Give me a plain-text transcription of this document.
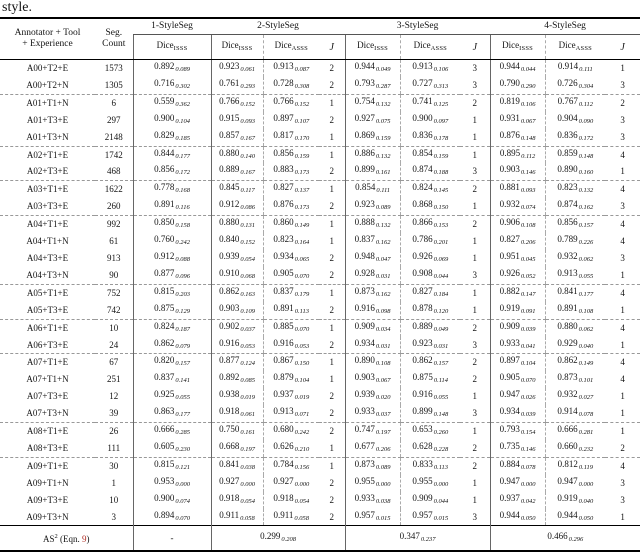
style.
Annotator + Tool
+ Experience

Seg.
Count
	1-StyleSeg	2-StyleSeg	3-StyleSeg	4-StyleSeg
		Dice$_{ISSS}$	Dice$_{ISSS}$	Dice$_{ASSS}$	J	Dice$_{ISSS}$	Dice$_{ASSS}$	J	Dice$_{ISSS}$	Dice$_{ASSS}$	J
A00+T2+E	1573	$0.892_{0.089}$	$0.923_{0.061}$	$0.913_{0.087}$	2	$0.944_{0.049}$	$0.913_{0.106}$	3	$0.944_{0.044}$	$0.914_{0.111}$	1
A00+T2+N	1305	$0.716_{0.302}$	$0.761_{0.293}$	$0.728_{0.308}$	2	$0.793_{0.287}$	$0.727_{0.313}$	3	$0.790_{0.290}$	$0.726_{0.304}$	3
A01+T1+N	6	$0.559_{0.362}$	$0.766_{0.152}$	$0.766_{0.152}$	1	$0.754_{0.132}$	$0.741_{0.125}$	2	$0.819_{0.106}$	$0.767_{0.112}$	2
A01+T3+E	297	$0.900_{0.104}$	$0.915_{0.093}$	$0.897_{0.107}$	2	$0.927_{0.075}$	$0.900_{0.097}$	1	$0.931_{0.067}$	$0.904_{0.090}$	3
A01+T3+N	2148	$0.829_{0.185}$	$0.857_{0.167}$	$0.817_{0.170}$	1	$0.869_{0.159}$	$0.836_{0.178}$	1	$0.876_{0.148}$	$0.836_{0.172}$	3
A02+T1+E	1742	$0.844_{0.177}$	$0.880_{0.140}$	$0.856_{0.159}$	1	$0.886_{0.132}$	$0.854_{0.159}$	1	$0.895_{0.112}$	$0.859_{0.148}$	4
A02+T3+E	468	$0.856_{0.172}$	$0.889_{0.167}$	$0.883_{0.173}$	2	$0.899_{0.161}$	$0.874_{0.188}$	3	$0.903_{0.146}$	$0.890_{0.160}$	1
A03+T1+E	1622	$0.778_{0.168}$	$0.845_{0.117}$	$0.827_{0.137}$	1	$0.854_{0.111}$	$0.824_{0.145}$	2	$0.881_{0.093}$	$0.823_{0.132}$	4
A03+T3+E	260	$0.891_{0.116}$	$0.912_{0.086}$	$0.876_{0.173}$	2	$0.923_{0.089}$	$0.868_{0.150}$	1	$0.932_{0.074}$	$0.874_{0.162}$	3
A04+T1+E	992	$0.850_{0.158}$	$0.880_{0.131}$	$0.860_{0.149}$	1	$0.888_{0.132}$	$0.866_{0.153}$	2	$0.906_{0.108}$	$0.856_{0.157}$	4
A04+T1+N	61	$0.760_{0.242}$	$0.840_{0.152}$	$0.823_{0.164}$	1	$0.837_{0.162}$	$0.786_{0.201}$	1	$0.827_{0.206}$	$0.789_{0.226}$	4
A04+T3+E	913	$0.912_{0.088}$	$0.939_{0.054}$	$0.934_{0.065}$	2	$0.948_{0.047}$	$0.926_{0.069}$	1	$0.951_{0.045}$	$0.932_{0.062}$	3
A04+T3+N	90	$0.877_{0.096}$	$0.910_{0.068}$	$0.905_{0.070}$	2	$0.928_{0.031}$	$0.908_{0.044}$	3	$0.926_{0.052}$	$0.913_{0.055}$	1
A05+T1+E	752	$0.815_{0.203}$	$0.862_{0.163}$	$0.837_{0.179}$	1	$0.873_{0.162}$	$0.827_{0.184}$	1	$0.882_{0.147}$	$0.841_{0.177}$	4
A05+T3+E	742	$0.875_{0.129}$	$0.903_{0.109}$	$0.891_{0.113}$	2	$0.916_{0.098}$	$0.878_{0.120}$	1	$0.919_{0.091}$	$0.891_{0.108}$	1
A06+T1+E	10	$0.824_{0.187}$	$0.902_{0.037}$	$0.885_{0.070}$	1	$0.909_{0.034}$	$0.889_{0.049}$	2	$0.909_{0.039}$	$0.880_{0.062}$	4
A06+T3+E	24	$0.862_{0.079}$	$0.916_{0.053}$	$0.916_{0.053}$	2	$0.934_{0.031}$	$0.923_{0.031}$	3	$0.933_{0.041}$	$0.929_{0.040}$	1
A07+T1+E	67	$0.820_{0.157}$	$0.877_{0.124}$	$0.867_{0.150}$	1	$0.890_{0.108}$	$0.862_{0.157}$	2	$0.897_{0.104}$	$0.862_{0.149}$	4
A07+T1+N	251	$0.837_{0.141}$	$0.892_{0.085}$	$0.879_{0.104}$	1	$0.903_{0.067}$	$0.875_{0.114}$	2	$0.905_{0.070}$	$0.873_{0.101}$	4
A07+T3+E	12	$0.925_{0.055}$	$0.938_{0.019}$	$0.937_{0.019}$	2	$0.939_{0.020}$	$0.916_{0.055}$	1	$0.947_{0.026}$	$0.932_{0.027}$	1
A07+T3+N	39	$0.863_{0.177}$	$0.918_{0.061}$	$0.913_{0.071}$	2	$0.933_{0.037}$	$0.899_{0.148}$	3	$0.934_{0.039}$	$0.914_{0.078}$	1
A08+T1+E	26	$0.666_{0.285}$	$0.750_{0.161}$	$0.680_{0.242}$	2	$0.747_{0.197}$	$0.653_{0.260}$	1	$0.793_{0.154}$	$0.666_{0.281}$	1
A08+T3+E	111	$0.605_{0.230}$	$0.668_{0.197}$	$0.626_{0.210}$	1	$0.677_{0.206}$	$0.628_{0.228}$	2	$0.735_{0.146}$	$0.660_{0.232}$	2
A09+T1+E	30	$0.815_{0.121}$	$0.841_{0.038}$	$0.784_{0.156}$	1	$0.873_{0.089}$	$0.833_{0.113}$	2	$0.884_{0.078}$	$0.812_{0.119}$	4
A09+T1+N	1	$0.953_{0.000}$	$0.927_{0.000}$	$0.927_{0.000}$	2	$0.955_{0.000}$	$0.955_{0.000}$	1	$0.947_{0.000}$	$0.947_{0.000}$	3
A09+T3+E	10	$0.900_{0.074}$	$0.918_{0.054}$	$0.918_{0.054}$	2	$0.933_{0.038}$	$0.909_{0.044}$	1	$0.937_{0.042}$	$0.919_{0.040}$	3
A09+T3+N	3	$0.894_{0.070}$	$0.911_{0.058}$	$0.911_{0.058}$	2	$0.957_{0.015}$	$0.957_{0.015}$	3	$0.944_{0.050}$	$0.944_{0.050}$	1
$AS^2$ (Eqn. 9)		-	$0.299_{0.208}$			$0.347_{0.237}$			$0.466_{0.296}$
